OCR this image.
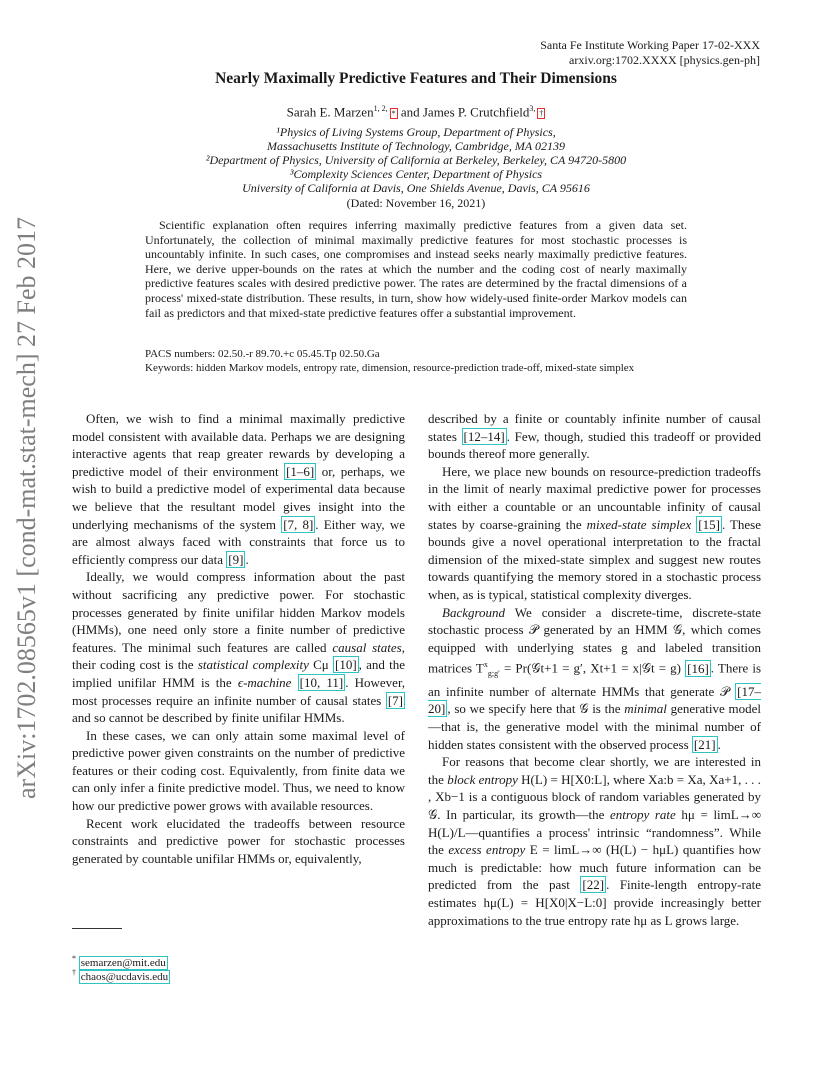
arXiv:1702.08565v1 [cond-mat.stat-mech] 27 Feb 2017
Santa Fe Institute Working Paper 17-02-XXX
arxiv.org:1702.XXXX [physics.gen-ph]
Nearly Maximally Predictive Features and Their Dimensions
Sarah E. Marzen$^{1, 2,}$ * and James P. Crutchfield$^{3,}$ †
¹Physics of Living Systems Group, Department of Physics,
Massachusetts Institute of Technology, Cambridge, MA 02139
²Department of Physics, University of California at Berkeley, Berkeley, CA 94720-5800
³Complexity Sciences Center, Department of Physics
University of California at Davis, One Shields Avenue, Davis, CA 95616
(Dated: November 16, 2021)
Scientific explanation often requires inferring maximally predictive features from a given data set. Unfortunately, the collection of minimal maximally predictive features for most stochastic processes is uncountably infinite. In such cases, one compromises and instead seeks nearly maximally predictive features. Here, we derive upper-bounds on the rates at which the number and the coding cost of nearly maximally predictive features scales with desired predictive power. The rates are determined by the fractal dimensions of a process' mixed-state distribution. These results, in turn, show how widely-used finite-order Markov models can fail as predictors and that mixed-state predictive features offer a substantial improvement.
PACS numbers: 02.50.-r 89.70.+c 05.45.Tp 02.50.Ga
Keywords: hidden Markov models, entropy rate, dimension, resource-prediction trade-off, mixed-state simplex

Often, we wish to find a minimal maximally predictive model consistent with available data. Perhaps we are designing interactive agents that reap greater rewards by developing a predictive model of their environment [1–6] or, perhaps, we wish to build a predictive model of experimental data because we believe that the resultant model gives insight into the underlying mechanisms of the system [7, 8] . Either way, we are almost always faced with constraints that force us to efficiently compress our data [9] .

Ideally, we would compress information about the past without sacrificing any predictive power. For stochastic processes generated by finite unifilar hidden Markov models (HMMs), one need only store a finite number of predictive features. The minimal such features are called causal states, their coding cost is the statistical complexity Cμ [10] , and the implied unifilar HMM is the ϵ-machine [10, 11] . However, most processes require an infinite number of causal states [7] and so cannot be described by finite unifilar HMMs.

In these cases, we can only attain some maximal level of predictive power given constraints on the number of predictive features or their coding cost. Equivalently, from finite data we can only infer a finite predictive model. Thus, we need to know how our predictive power grows with available resources.

Recent work elucidated the tradeoffs between resource constraints and predictive power for stochastic processes generated by countable unifilar HMMs or, equivalently,

described by a finite or countably infinite number of causal states [12–14] . Few, though, studied this tradeoff or provided bounds thereof more generally.

Here, we place new bounds on resource-prediction tradeoffs in the limit of nearly maximal predictive power for processes with either a countable or an uncountable infinity of causal states by coarse-graining the mixed-state simplex [15] . These bounds give a novel operational interpretation to the fractal dimension of the mixed-state simplex and suggest new routes towards quantifying the memory stored in a stochastic process when, as is typical, statistical complexity diverges.

Background We consider a discrete-time, discrete-state stochastic process 𝒫 generated by an HMM 𝒢, which comes equipped with underlying states g and labeled transition matrices $T^x_{g;g'}$ = Pr(𝒢t+1 = g′, Xt+1 = x|𝒢t = g) [16] . There is an infinite number of alternate HMMs that generate 𝒫 [17–20] , so we specify here that 𝒢 is the minimal generative model—that is, the generative model with the minimal number of hidden states consistent with the observed process [21] .

For reasons that become clear shortly, we are interested in the block entropy H(L) = H[X0:L], where Xa:b = Xa, Xa+1, . . . , Xb−1 is a contiguous block of random variables generated by 𝒢. In particular, its growth—the entropy rate hμ = limL→∞ H(L)/L—quantifies a process' intrinsic “randomness”. While the excess entropy E = limL→∞ (H(L) − hμL) quantifies how much is predictable: how much future information can be predicted from the past [22] . Finite-length entropy-rate estimates hμ(L) = H[X0|X−L:0] provide increasingly better approximations to the true entropy rate hμ as L grows large.

* semarzen@mit.edu
† chaos@ucdavis.edu
